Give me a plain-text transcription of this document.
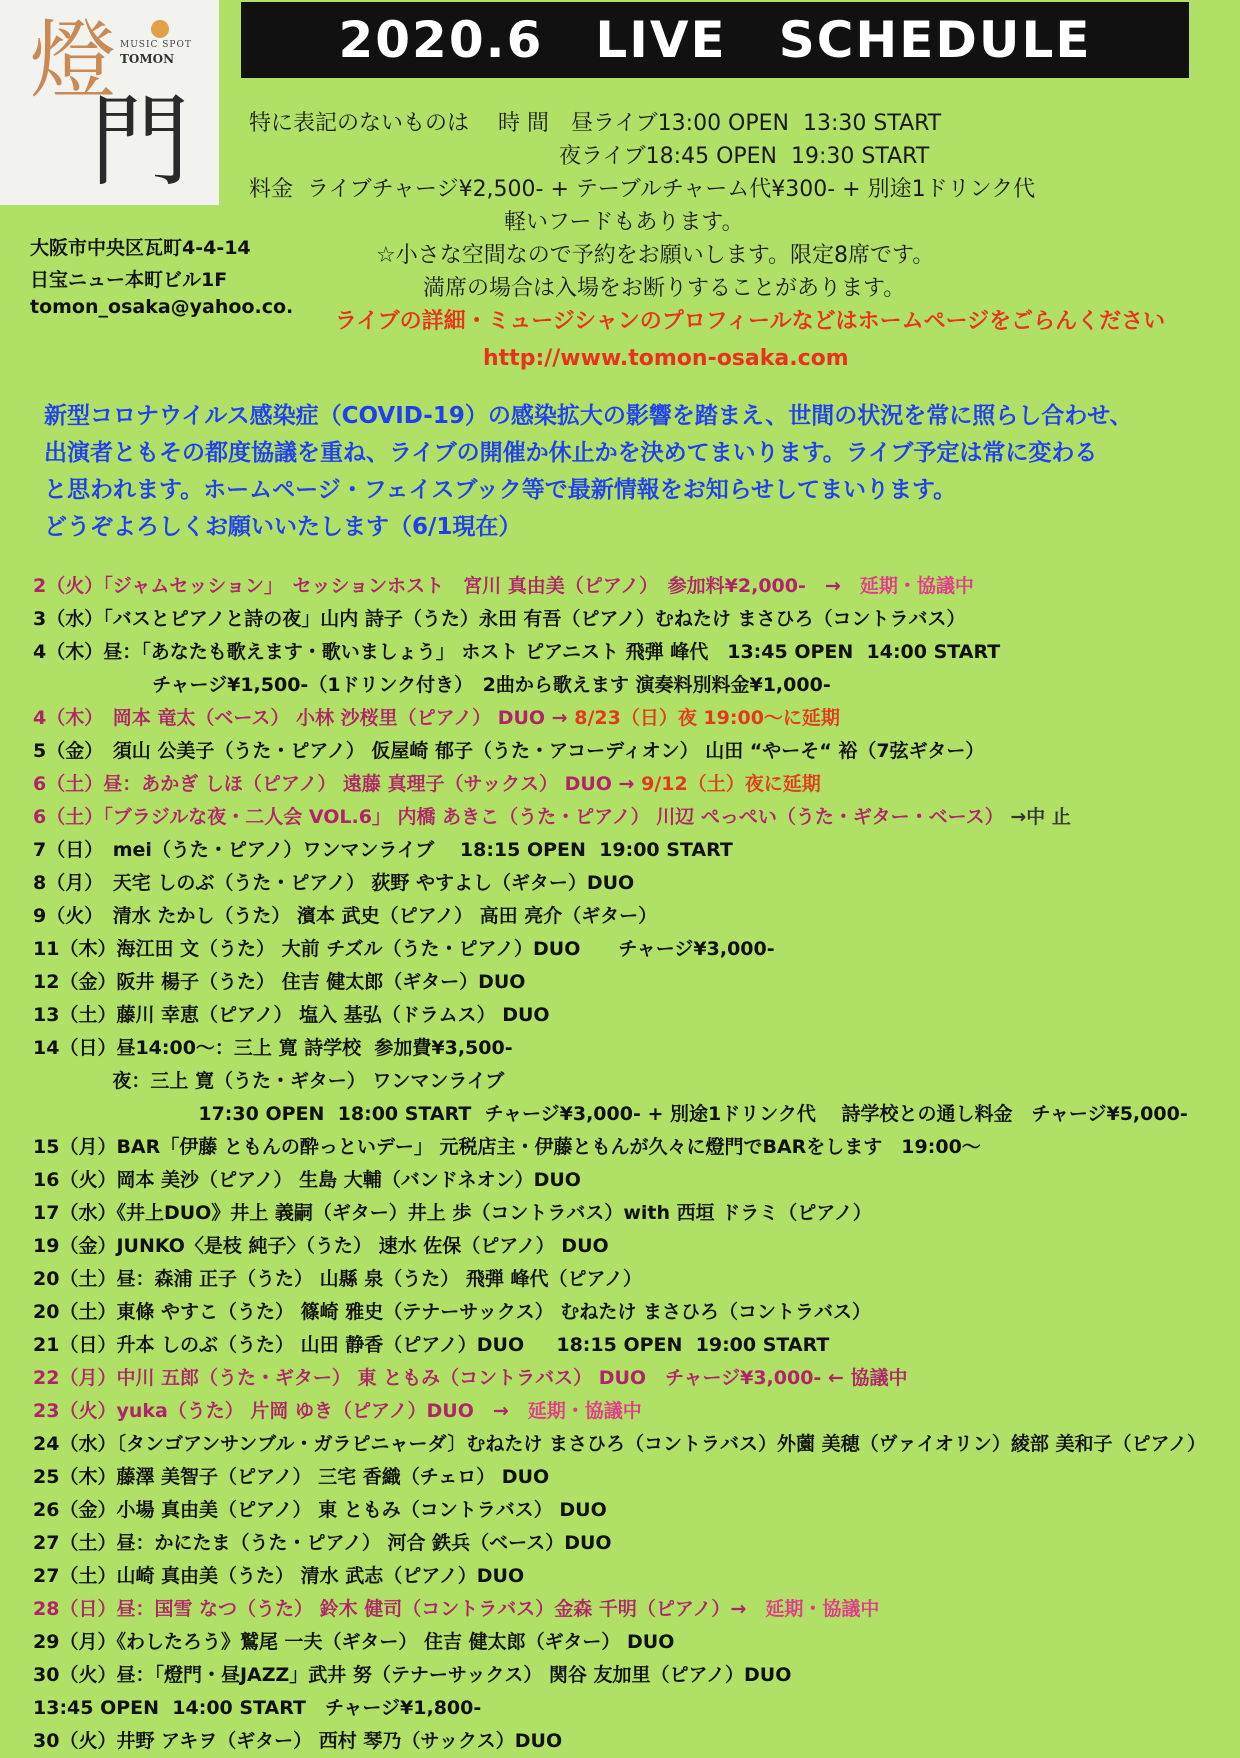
燈
門
MUSIC SPOT
TOMON	2020.6　LIVE　SCHEDULE
特に表記のないものは　 時 間　昼ライブ13:00 OPEN  13:30 START
夜ライブ18:45 OPEN  19:30 START
料金  ライブチャージ¥2,500- + テーブルチャーム代¥300- + 別途1ドリンク代
軽いフードもあります。
☆小さな空間なので予約をお願いします。限定8席です。
満席の場合は入場をお断りすることがあります。
大阪市中央区瓦町4-4-14
日宝ニュー本町ビル1F
tomon_osaka@yahoo.co.
ライブの詳細・ミュージシャンのプロフィールなどはホームページをごらんください
http://www.tomon-osaka.com
新型コロナウイルス感染症（COVID-19）の感染拡大の影響を踏まえ、世間の状況を常に照らし合わせ、
出演者ともその都度協議を重ね、ライブの開催か休止かを決めてまいります。ライブ予定は常に変わる
と思われます。ホームページ・フェイスブック等で最新情報をお知らせしてまいります。
どうぞよろしくお願いいたします（6/1現在）
2（火）「ジャムセッション」　セッションホスト　宮川 真由美（ピアノ）　参加料¥2,000-　→　延期・協議中
3（水）「バスとピアノと詩の夜」山内 詩子（うた）永田 有吾（ピアノ）むねたけ まさひろ（コントラバス）
4（木）昼：「あなたも歌えます・歌いましょう」 ホスト ピアニスト 飛弾 峰代　13:45 OPEN  14:00 START
チャージ¥1,500-（1ドリンク付き）　2曲から歌えます 演奏料別料金¥1,000-
4（木）　岡本 竜太（ベース） 小林 沙桜里（ピアノ） DUO → 8/23（日）夜 19:00〜に延期
5（金）　須山 公美子（うた・ピアノ） 仮屋崎 郁子（うた・アコーディオン） 山田 “やーそ“ 裕（7弦ギター）
6（土）昼：あかぎ しほ（ピアノ） 遠藤 真理子（サックス） DUO → 9/12（土）夜に延期
6（土）「ブラジルな夜・二人会 VOL.6」 内橋 あきこ（うた・ピアノ） 川辺 ぺっぺい（うた・ギター・ベース） →中 止
7（日）　mei（うた・ピアノ）ワンマンライブ　 18:15 OPEN  19:00 START
8（月）　天宅 しのぶ（うた・ピアノ） 荻野 やすよし（ギター）DUO
9（火）　清水 たかし（うた） 濱本 武史（ピアノ） 高田 亮介（ギター）
11（木）海江田 文（うた） 大前 チズル（うた・ピアノ）DUO　　チャージ¥3,000-
12（金）阪井 楊子（うた） 住吉 健太郎（ギター）DUO
13（土）藤川 幸恵（ピアノ） 塩入 基弘（ドラムス） DUO
14（日）昼14:00〜：三上 寛 詩学校  参加費¥3,500-
夜：三上 寛（うた・ギター） ワンマンライブ
17:30 OPEN  18:00 START  チャージ¥3,000- + 別途1ドリンク代　 詩学校との通し料金　チャージ¥5,000-
15（月）BAR「伊藤 ともんの酔っといデー」 元税店主・伊藤ともんが久々に燈門でBARをします　19:00〜
16（火）岡本 美沙（ピアノ） 生島 大輔（バンドネオン）DUO
17（水）《井上DUO》井上 義嗣（ギター）井上 歩（コントラバス）with 西垣 ドラミ（ピアノ）
19（金）JUNKO〈是枝 純子〉（うた） 速水 佐保（ピアノ） DUO
20（土）昼：森浦 正子（うた） 山縣 泉（うた） 飛弾 峰代（ピアノ）
20（土）東條 やすこ（うた） 篠崎 雅史（テナーサックス） むねたけ まさひろ（コントラバス）
21（日）升本 しのぶ（うた） 山田 静香（ピアノ）DUO　  18:15 OPEN  19:00 START
22（月）中川 五郎（うた・ギター） 東 ともみ（コントラバス） DUO　チャージ¥3,000- ← 協議中
23（火）yuka（うた） 片岡 ゆき（ピアノ）DUO　→　延期・協議中
24（水）〔タンゴアンサンブル・ガラピニャーダ〕むねたけ まさひろ（コントラバス）外薗 美穂（ヴァイオリン）綾部 美和子（ピアノ）
25（木）藤澤 美智子（ピアノ） 三宅 香織（チェロ） DUO
26（金）小場 真由美（ピアノ） 東 ともみ（コントラバス） DUO
27（土）昼：かにたま（うた・ピアノ） 河合 鉄兵（ベース）DUO
27（土）山崎 真由美（うた） 清水 武志（ピアノ）DUO
28（日）昼：国雪 なつ（うた） 鈴木 健司（コントラバス）金森 千明（ピアノ）→　延期・協議中
29（月）《わしたろう》鷲尾 一夫（ギター） 住吉 健太郎（ギター） DUO
30（火）昼：「燈門・昼JAZZ」武井 努（テナーサックス） 関谷 友加里（ピアノ）DUO
13:45 OPEN  14:00 START　チャージ¥1,800-
30（火）井野 アキヲ（ギター） 西村 琴乃（サックス）DUO
